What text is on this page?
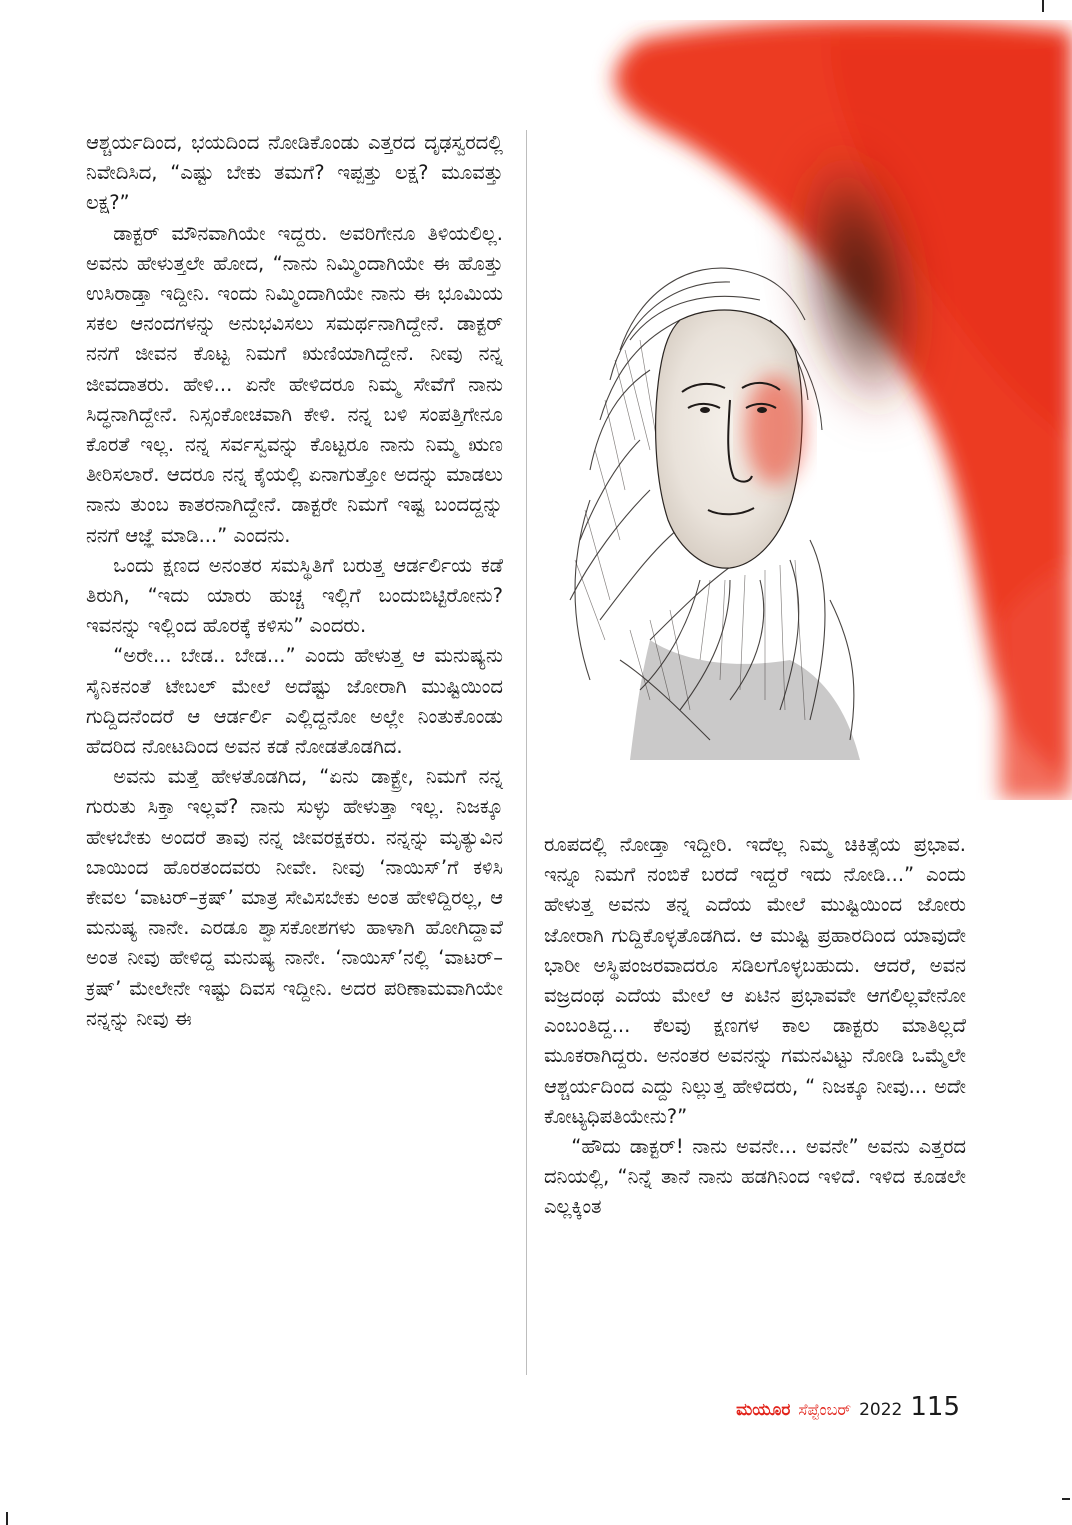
ಆಶ್ಚರ್ಯದಿಂದ, ಭಯದಿಂದ ನೋಡಿಕೊಂಡು ಎತ್ತರದ ದೃಢಸ್ವರದಲ್ಲಿ ನಿವೇದಿಸಿದ, “ಎಷ್ಟು ಬೇಕು ತಮಗೆ? ಇಪ್ಪತ್ತು ಲಕ್ಷ? ಮೂವತ್ತು ಲಕ್ಷ?”

ಡಾಕ್ಟರ್ ಮೌನವಾಗಿಯೇ ಇದ್ದರು. ಅವರಿಗೇನೂ ತಿಳಿಯಲಿಲ್ಲ. ಅವನು ಹೇಳುತ್ತಲೇ ಹೋದ, “ನಾನು ನಿಮ್ಮಿಂದಾಗಿಯೇ ಈ ಹೊತ್ತು ಉಸಿರಾಡ್ತಾ ಇದ್ದೀನಿ. ಇಂದು ನಿಮ್ಮಿಂದಾಗಿಯೇ ನಾನು ಈ ಭೂಮಿಯ ಸಕಲ ಆನಂದಗಳನ್ನು ಅನುಭವಿಸಲು ಸಮರ್ಥನಾಗಿದ್ದೇನೆ. ಡಾಕ್ಟರ್ ನನಗೆ ಜೀವನ ಕೊಟ್ಟ ನಿಮಗೆ ಋಣಿಯಾಗಿದ್ದೇನೆ. ನೀವು ನನ್ನ ಜೀವದಾತರು. ಹೇಳಿ... ಏನೇ ಹೇಳಿದರೂ ನಿಮ್ಮ ಸೇವೆಗೆ ನಾನು ಸಿದ್ಧನಾಗಿದ್ದೇನೆ. ನಿಸ್ಸಂಕೋಚವಾಗಿ ಕೇಳಿ. ನನ್ನ ಬಳಿ ಸಂಪತ್ತಿಗೇನೂ ಕೊರತೆ ಇಲ್ಲ. ನನ್ನ ಸರ್ವಸ್ವವನ್ನು ಕೊಟ್ಟರೂ ನಾನು ನಿಮ್ಮ ಋಣ ತೀರಿಸಲಾರೆ. ಆದರೂ ನನ್ನ ಕೈಯಲ್ಲಿ ಏನಾಗುತ್ತೋ ಅದನ್ನು ಮಾಡಲು ನಾನು ತುಂಬ ಕಾತರನಾಗಿದ್ದೇನೆ. ಡಾಕ್ಟರೇ ನಿಮಗೆ ಇಷ್ಟ ಬಂದದ್ದನ್ನು ನನಗೆ ಆಜ್ಞೆ ಮಾಡಿ...” ಎಂದನು.

ಒಂದು ಕ್ಷಣದ ಅನಂತರ ಸಮಸ್ಥಿತಿಗೆ ಬರುತ್ತ ಆರ್ಡರ್ಲಿಯ ಕಡೆ ತಿರುಗಿ, “ಇದು ಯಾರು ಹುಚ್ಚ ಇಲ್ಲಿಗೆ ಬಂದುಬಿಟ್ಟಿರೋನು? ಇವನನ್ನು ಇಲ್ಲಿಂದ ಹೊರಕ್ಕೆ ಕಳಿಸು” ಎಂದರು.

“ಅರೇ... ಬೇಡ.. ಬೇಡ...” ಎಂದು ಹೇಳುತ್ತ ಆ ಮನುಷ್ಯನು ಸೈನಿಕನಂತೆ ಟೇಬಲ್ ಮೇಲೆ ಅದೆಷ್ಟು ಜೋರಾಗಿ ಮುಷ್ಟಿಯಿಂದ ಗುದ್ದಿದನೆಂದರೆ ಆ ಆರ್ಡರ್ಲಿ ಎಲ್ಲಿದ್ದನೋ ಅಲ್ಲೇ ನಿಂತುಕೊಂಡು ಹೆದರಿದ ನೋಟದಿಂದ ಅವನ ಕಡೆ ನೋಡತೊಡಗಿದ.

ಅವನು ಮತ್ತೆ ಹೇಳತೊಡಗಿದ, “ಏನು ಡಾಕ್ಟ್ರೇ, ನಿಮಗೆ ನನ್ನ ಗುರುತು ಸಿಕ್ತಾ ಇಲ್ಲವೆ? ನಾನು ಸುಳ್ಳು ಹೇಳುತ್ತಾ ಇಲ್ಲ. ನಿಜಕ್ಕೂ ಹೇಳಬೇಕು ಅಂದರೆ ತಾವು ನನ್ನ ಜೀವರಕ್ಷಕರು. ನನ್ನನ್ನು ಮೃತ್ಯುವಿನ ಬಾಯಿಂದ ಹೊರತಂದವರು ನೀವೇ. ನೀವು ‘ನಾಯಿಸ್’ಗೆ ಕಳಿಸಿ ಕೇವಲ ‘ವಾಟರ್–ಕ್ರಷ್’ ಮಾತ್ರ ಸೇವಿಸಬೇಕು ಅಂತ ಹೇಳಿದ್ದಿರಲ್ಲ, ಆ ಮನುಷ್ಯ ನಾನೇ. ಎರಡೂ ಶ್ವಾಸಕೋಶಗಳು ಹಾಳಾಗಿ ಹೋಗಿದ್ದಾವೆ ಅಂತ ನೀವು ಹೇಳಿದ್ದ ಮನುಷ್ಯ ನಾನೇ. ‘ನಾಯಿಸ್’ನಲ್ಲಿ ‘ವಾಟರ್–ಕ್ರಷ್’ ಮೇಲೇನೇ ಇಷ್ಟು ದಿವಸ ಇದ್ದೀನಿ. ಅದರ ಪರಿಣಾಮವಾಗಿಯೇ ನನ್ನನ್ನು ನೀವು ಈ

ರೂಪದಲ್ಲಿ ನೋಡ್ತಾ ಇದ್ದೀರಿ. ಇದೆಲ್ಲ ನಿಮ್ಮ ಚಿಕಿತ್ಸೆಯ ಪ್ರಭಾವ. ಇನ್ನೂ ನಿಮಗೆ ನಂಬಿಕೆ ಬರದೆ ಇದ್ದರೆ ಇದು ನೋಡಿ...” ಎಂದು ಹೇಳುತ್ತ ಅವನು ತನ್ನ ಎದೆಯ ಮೇಲೆ ಮುಷ್ಟಿಯಿಂದ ಜೋರು ಜೋರಾಗಿ ಗುದ್ದಿಕೊಳ್ಳತೊಡಗಿದ. ಆ ಮುಷ್ಟಿ ಪ್ರಹಾರದಿಂದ ಯಾವುದೇ ಭಾರೀ ಅಸ್ಥಿಪಂಜರವಾದರೂ ಸಡಿಲಗೊಳ್ಳಬಹುದು. ಆದರೆ, ಅವನ ವಜ್ರದಂಥ ಎದೆಯ ಮೇಲೆ ಆ ಏಟಿನ ಪ್ರಭಾವವೇ ಆಗಲಿಲ್ಲವೇನೋ ಎಂಬಂತಿದ್ದ... ಕೆಲವು ಕ್ಷಣಗಳ ಕಾಲ ಡಾಕ್ಟರು ಮಾತಿಲ್ಲದೆ ಮೂಕರಾಗಿದ್ದರು. ಅನಂತರ ಅವನನ್ನು ಗಮನವಿಟ್ಟು ನೋಡಿ ಒಮ್ಮೆಲೇ ಆಶ್ಚರ್ಯದಿಂದ ಎದ್ದು ನಿಲ್ಲುತ್ತ ಹೇಳಿದರು, “ ನಿಜಕ್ಕೂ ನೀವು... ಅದೇ ಕೋಟ್ಯಧಿಪತಿಯೇನು?”

“ಹೌದು ಡಾಕ್ಟರ್! ನಾನು ಅವನೇ... ಅವನೇ” ಅವನು ಎತ್ತರದ ದನಿಯಲ್ಲಿ, “ನಿನ್ನೆ ತಾನೆ ನಾನು ಹಡಗಿನಿಂದ ಇಳಿದೆ. ಇಳಿದ ಕೂಡಲೇ ಎಲ್ಲಕ್ಕಿಂತ

ಮಯೂರ ಸೆಪ್ಟೆಂಬರ್ 2022 115
